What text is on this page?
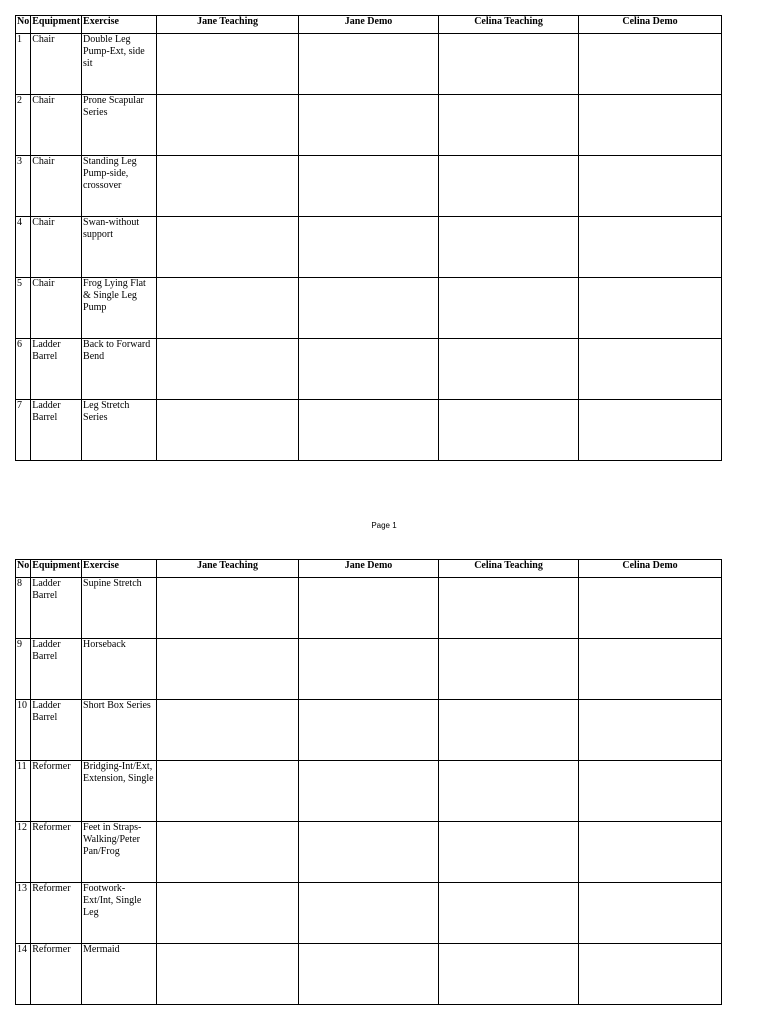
No	Equipment	Exercise	Jane Teaching	Jane Demo	Celina Teaching	Celina Demo
1	Chair	Double Leg Pump-Ext, side sit				
2	Chair	Prone Scapular Series				
3	Chair	Standing Leg Pump-side, crossover				
4	Chair	Swan-without support				
5	Chair	Frog Lying Flat & Single Leg Pump				
6	Ladder Barrel	Back to Forward Bend				
7	Ladder Barrel	Leg Stretch Series				
Page 1
No	Equipment	Exercise	Jane Teaching	Jane Demo	Celina Teaching	Celina Demo
8	Ladder Barrel	Supine Stretch				
9	Ladder Barrel	Horseback				
10	Ladder Barrel	Short Box Series				
11	Reformer	Bridging-Int/Ext, Extension, Single				
12	Reformer	Feet in Straps-Walking/Peter Pan/Frog				
13	Reformer	Footwork-Ext/Int, Single Leg				
14	Reformer	Mermaid				
